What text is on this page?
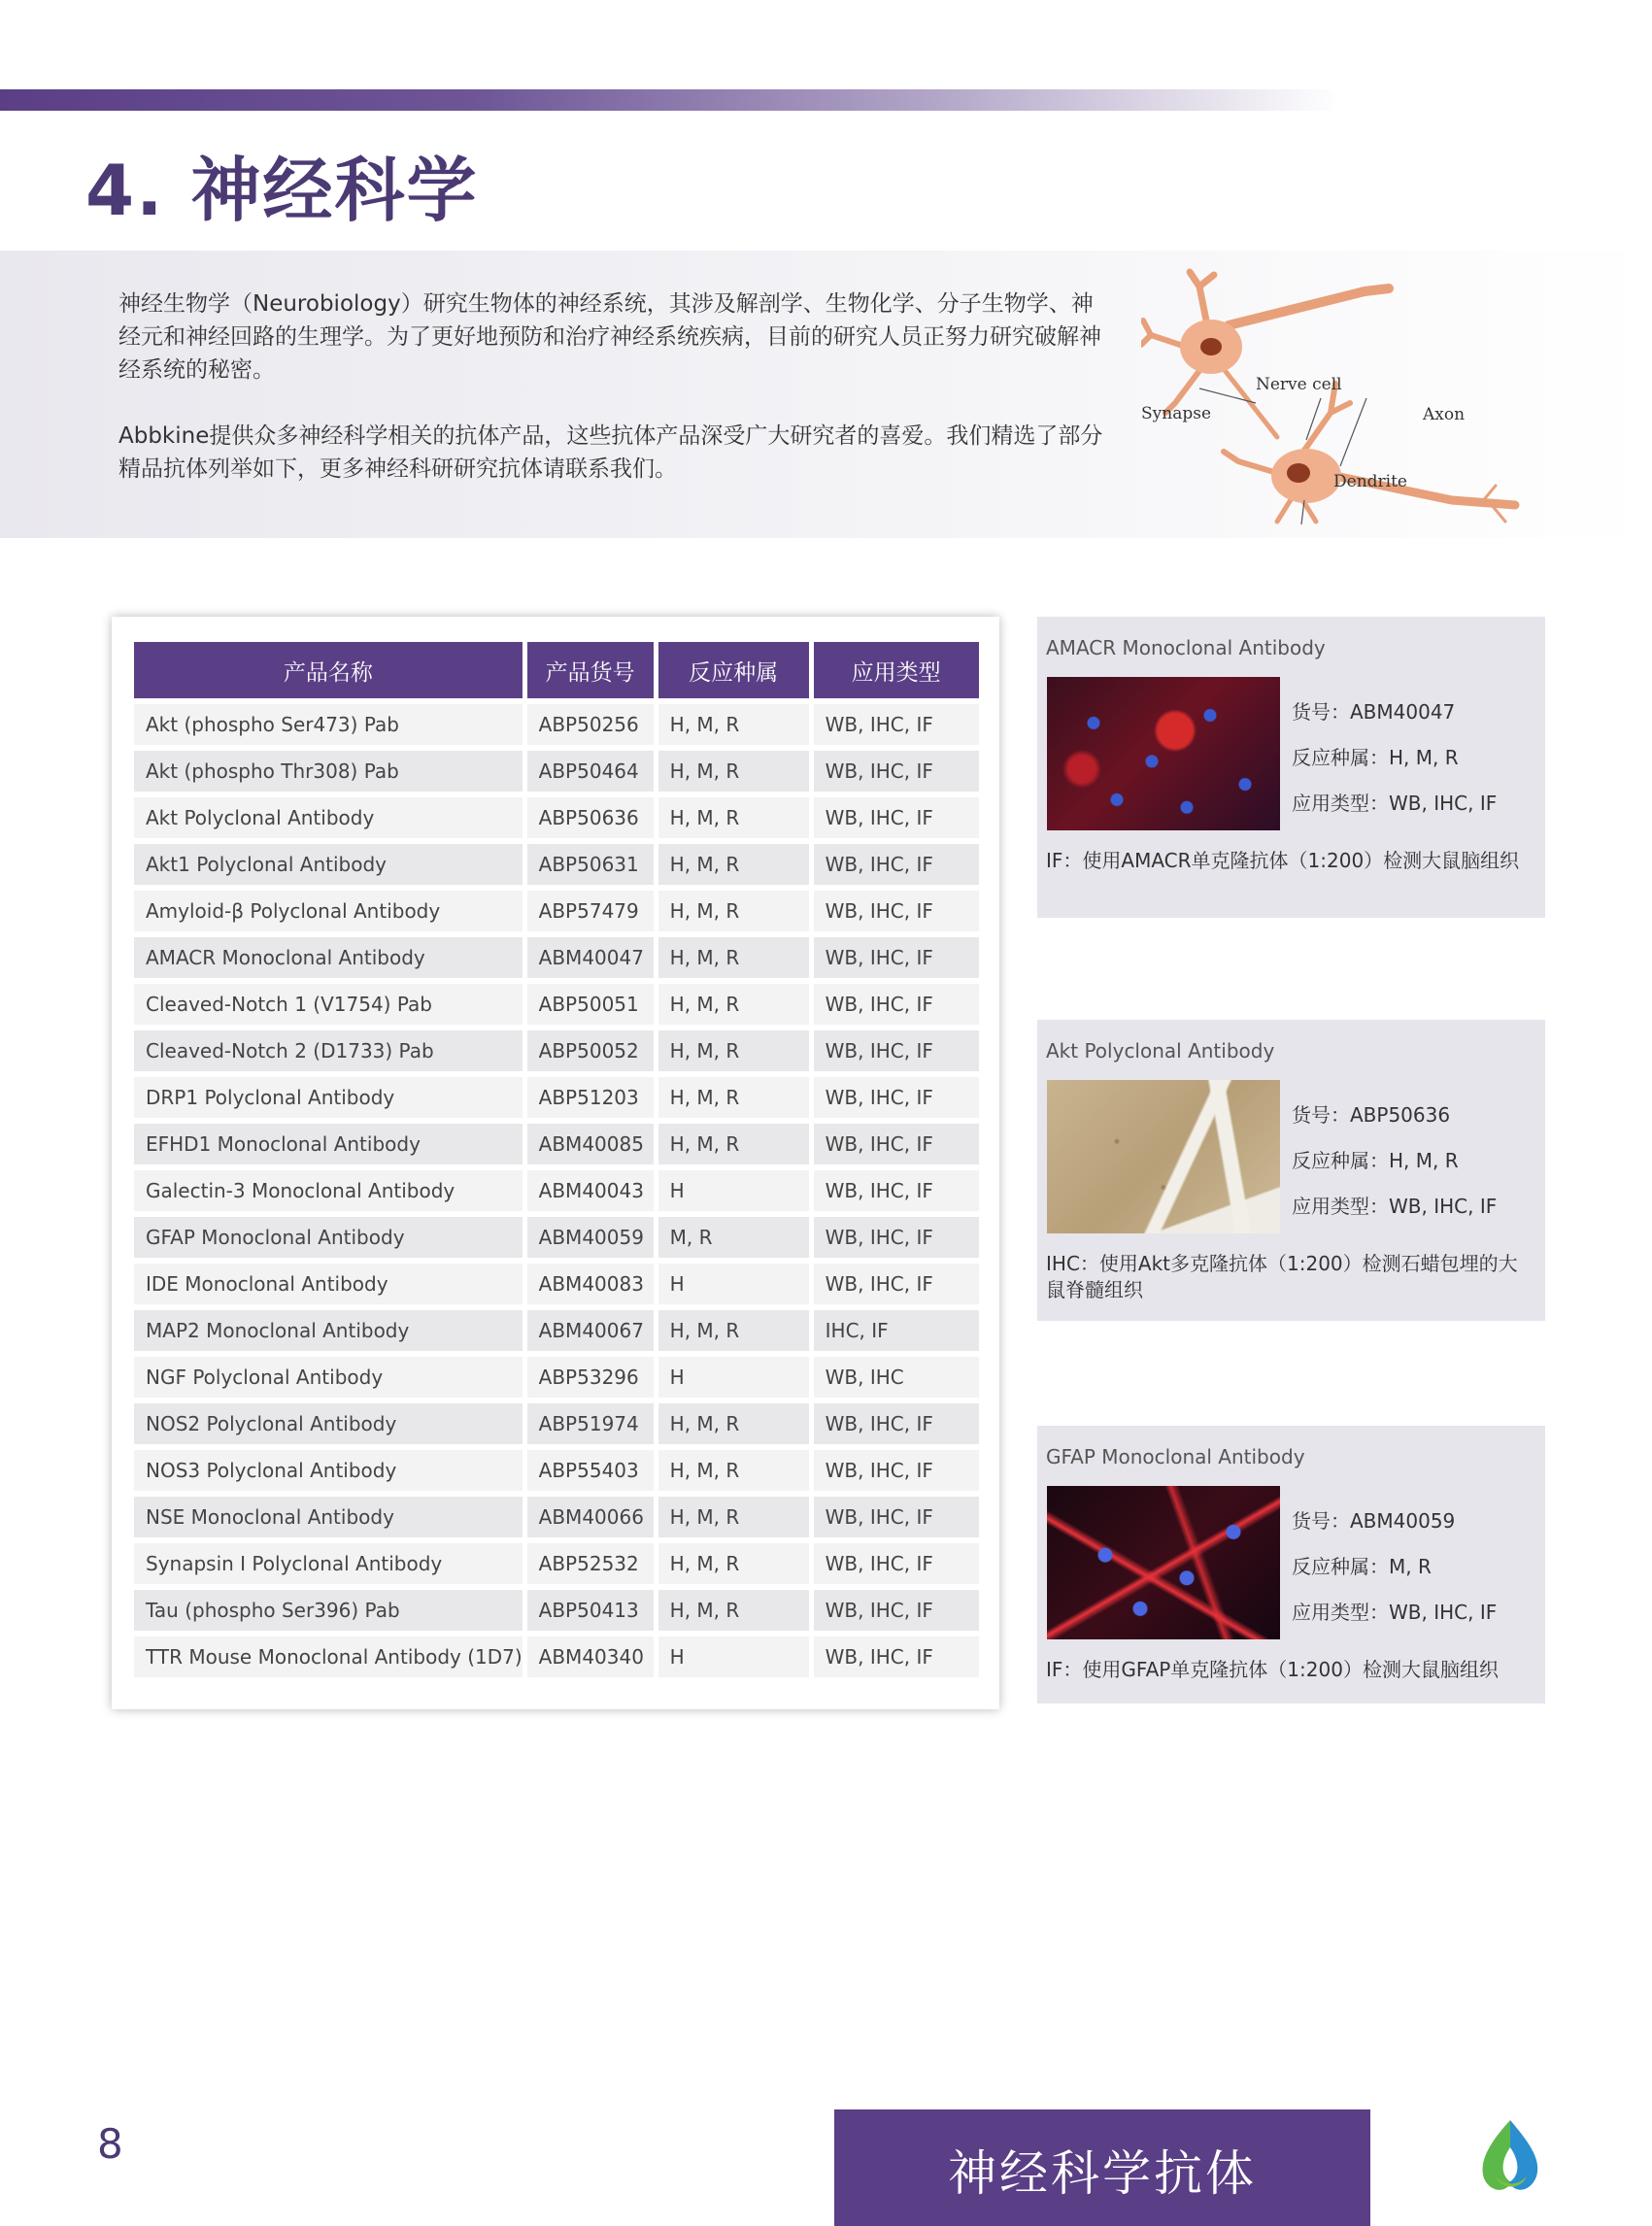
4. 神经科学

神经生物学（Neurobiology）研究生物体的神经系统，其涉及解剖学、生物化学、分子生物学、神经元和神经回路的生理学。为了更好地预防和治疗神经系统疾病，目前的研究人员正努力研究破解神经系统的秘密。

Abbkine提供众多神经科学相关的抗体产品，这些抗体产品深受广大研究者的喜爱。我们精选了部分精品抗体列举如下，更多神经科研研究抗体请联系我们。

Nerve cell
Synapse	Axon
Dendrite
产品名称	产品货号	反应种属	应用类型
Akt (phospho Ser473) Pab	ABP50256	H, M, R	WB, IHC, IF
Akt (phospho Thr308) Pab	ABP50464	H, M, R	WB, IHC, IF
Akt Polyclonal Antibody	ABP50636	H, M, R	WB, IHC, IF
Akt1 Polyclonal Antibody	ABP50631	H, M, R	WB, IHC, IF
Amyloid-β Polyclonal Antibody	ABP57479	H, M, R	WB, IHC, IF
AMACR Monoclonal Antibody	ABM40047	H, M, R	WB, IHC, IF
Cleaved-Notch 1 (V1754) Pab	ABP50051	H, M, R	WB, IHC, IF
Cleaved-Notch 2 (D1733) Pab	ABP50052	H, M, R	WB, IHC, IF
DRP1 Polyclonal Antibody	ABP51203	H, M, R	WB, IHC, IF
EFHD1 Monoclonal Antibody	ABM40085	H, M, R	WB, IHC, IF
Galectin-3 Monoclonal Antibody	ABM40043	H	WB, IHC, IF
GFAP Monoclonal Antibody	ABM40059	M, R	WB, IHC, IF
IDE Monoclonal Antibody	ABM40083	H	WB, IHC, IF
MAP2 Monoclonal Antibody	ABM40067	H, M, R	IHC, IF
NGF Polyclonal Antibody	ABP53296	H	WB, IHC
NOS2 Polyclonal Antibody	ABP51974	H, M, R	WB, IHC, IF
NOS3 Polyclonal Antibody	ABP55403	H, M, R	WB, IHC, IF
NSE Monoclonal Antibody	ABM40066	H, M, R	WB, IHC, IF
Synapsin I Polyclonal Antibody	ABP52532	H, M, R	WB, IHC, IF
Tau (phospho Ser396) Pab	ABP50413	H, M, R	WB, IHC, IF
TTR Mouse Monoclonal Antibody (1D7)	ABM40340	H	WB, IHC, IF

AMACR Monoclonal Antibody

货号：ABM40047
反应种属：H, M, R
应用类型：WB, IHC, IF

IF：使用AMACR单克隆抗体（1:200）检测大鼠脑组织

Akt Polyclonal Antibody

货号：ABP50636
反应种属：H, M, R
应用类型：WB, IHC, IF

IHC：使用Akt多克隆抗体（1:200）检测石蜡包埋的大鼠脊髓组织

GFAP Monoclonal Antibody

货号：ABM40059
反应种属：M, R
应用类型：WB, IHC, IF

IF：使用GFAP单克隆抗体（1:200）检测大鼠脑组织

8

神经科学抗体
